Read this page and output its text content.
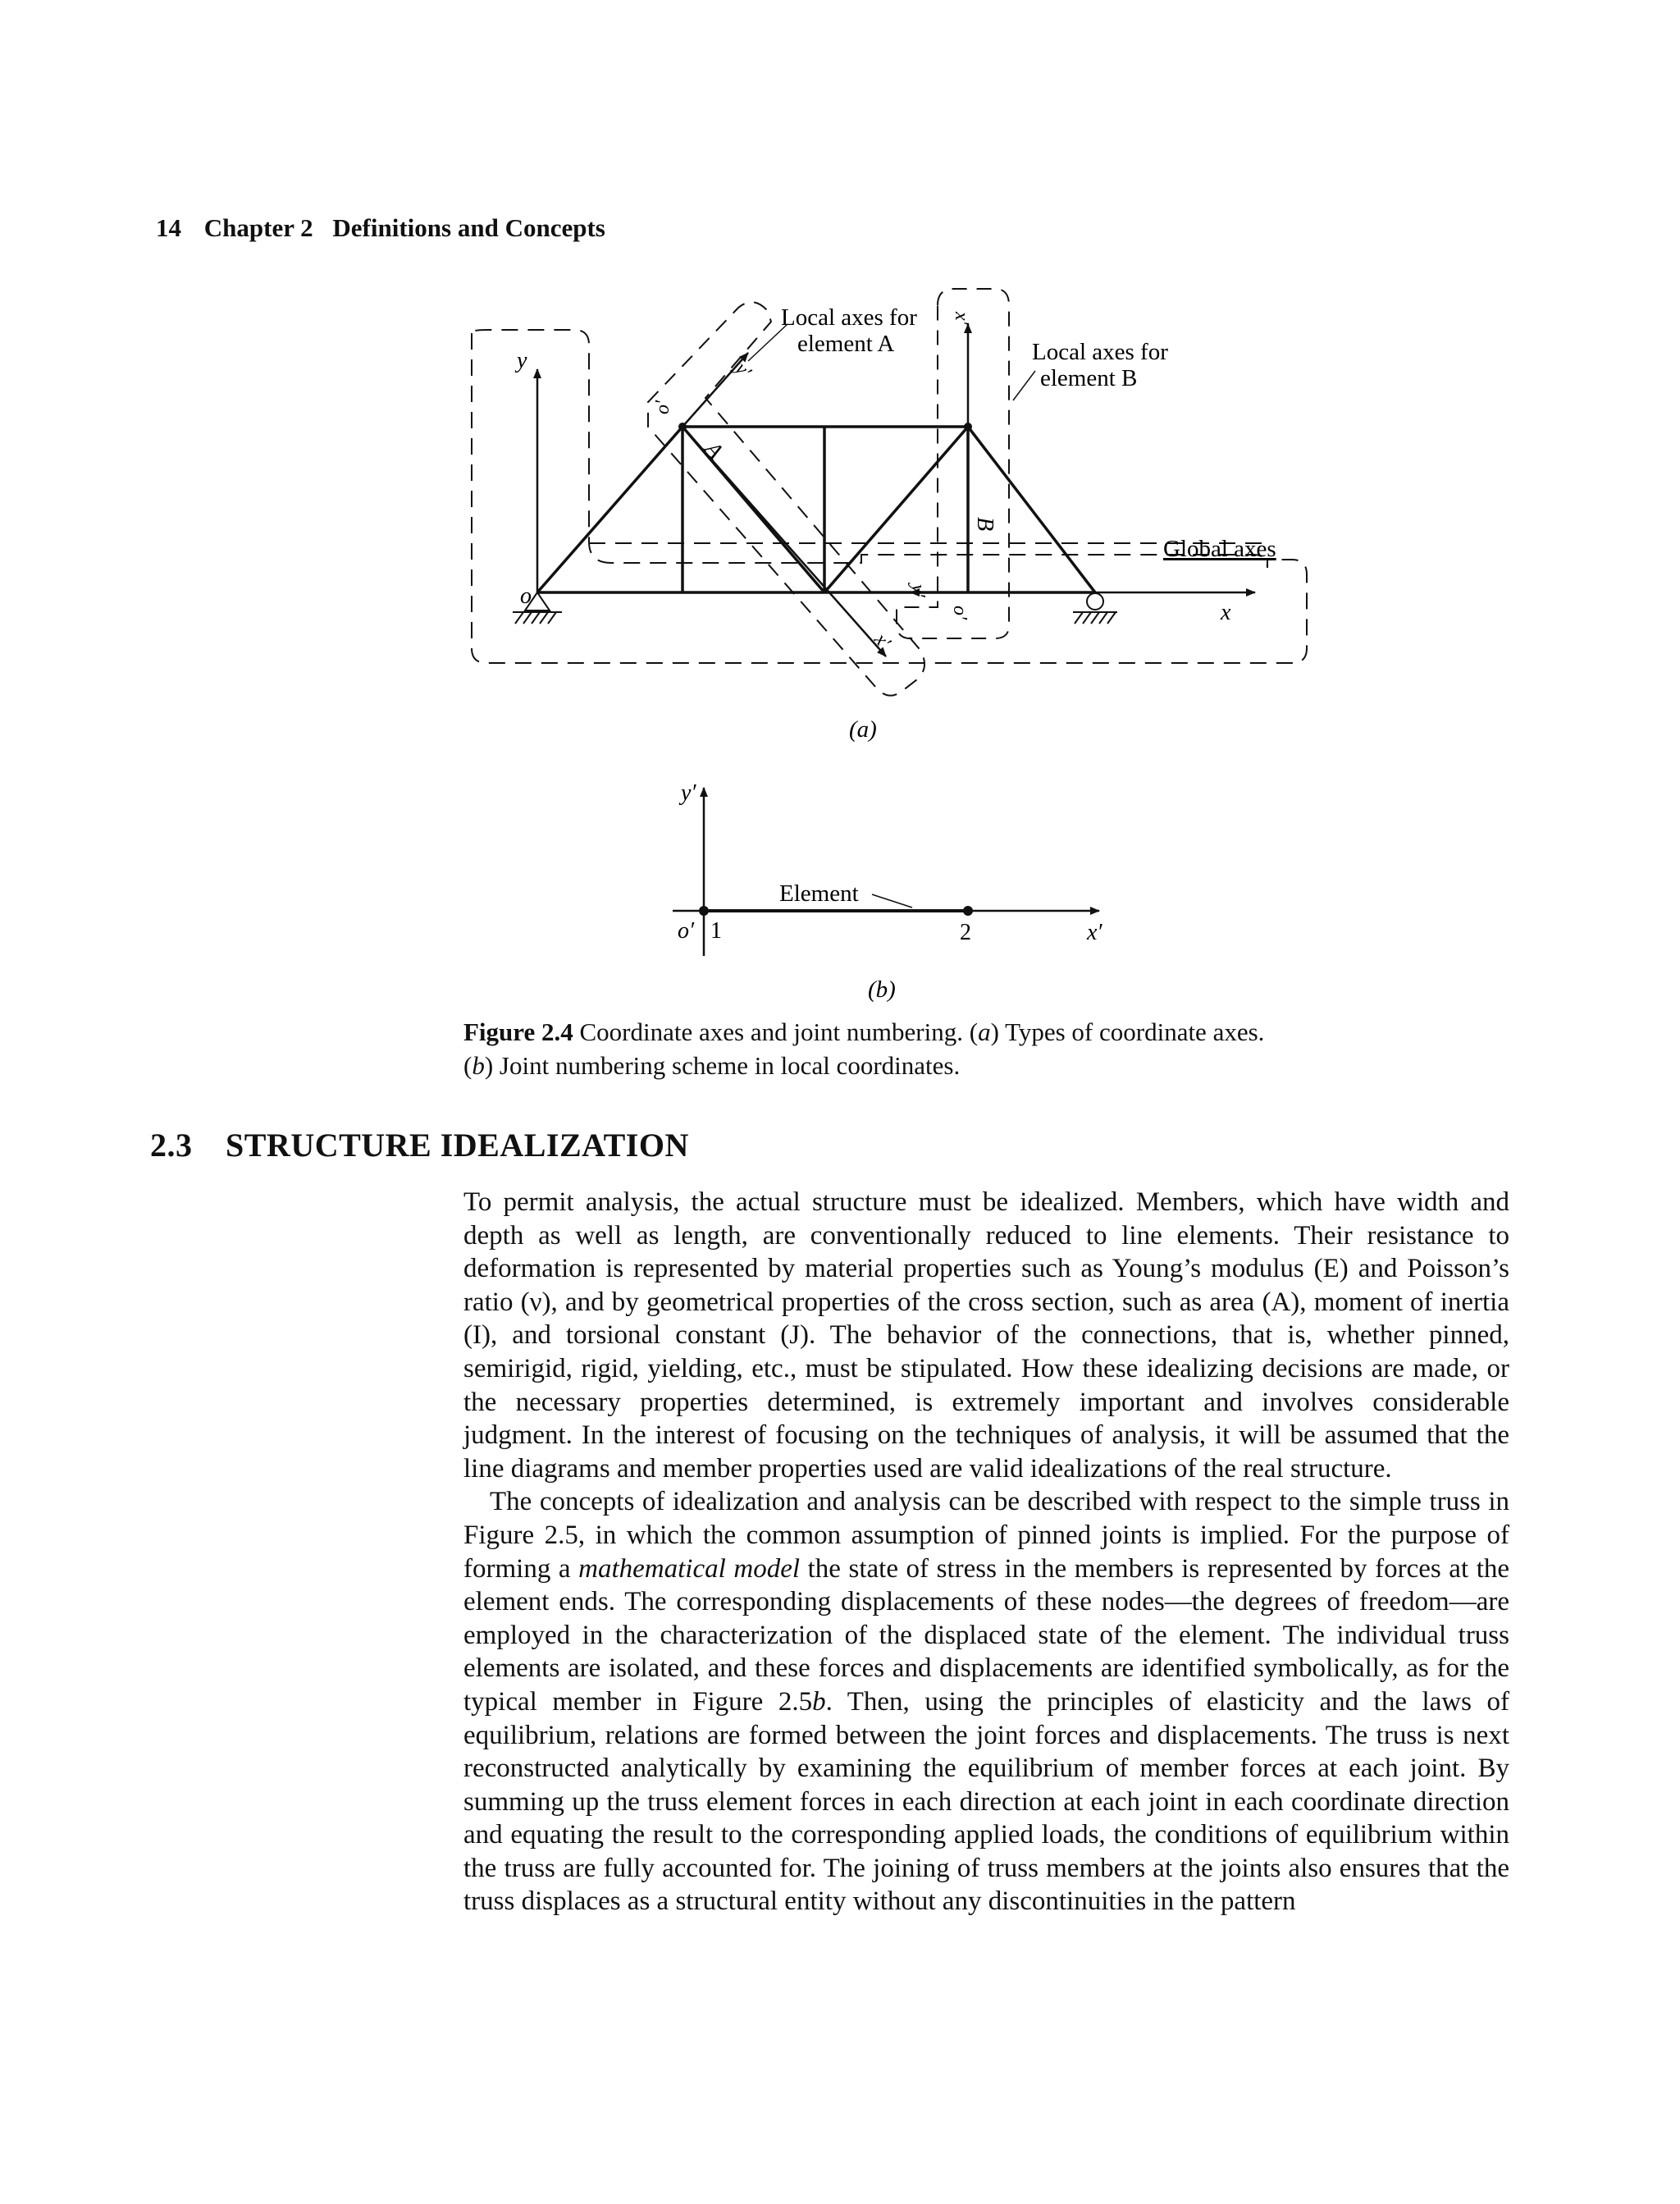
14 Chapter 2 Definitions and Concepts
y
x
o
Global axes
A
o′
y′
x′
Local axes for
element A
B
x′
y′
o′
Local axes for
element B
(a)
Element
y′
x′
o′ 1	2
(b)
Figure 2.4 Coordinate axes and joint numbering. (a) Types of coordinate axes. (b) Joint numbering scheme in local coordinates.
2.3 STRUCTURE IDEALIZATION

To permit analysis, the actual structure must be idealized. Members, which have width and depth as well as length, are conventionally reduced to line elements. Their resistance to deformation is represented by material properties such as Young’s modulus (E) and Poisson’s ratio (ν), and by geometrical properties of the cross section, such as area (A), moment of inertia (I), and torsional constant (J). The behavior of the connections, that is, whether pinned, semirigid, rigid, yielding, etc., must be stipulated. How these idealizing decisions are made, or the necessary properties determined, is extremely important and involves considerable judgment. In the interest of focusing on the techniques of analysis, it will be assumed that the line diagrams and member properties used are valid idealizations of the real structure.

The concepts of idealization and analysis can be described with respect to the simple truss in Figure 2.5, in which the common assumption of pinned joints is implied. For the purpose of forming a mathematical model the state of stress in the members is represented by forces at the element ends. The corresponding displacements of these nodes—the degrees of freedom—are employed in the characterization of the displaced state of the element. The individual truss elements are isolated, and these forces and displacements are identified symbolically, as for the typical member in Figure 2.5b. Then, using the principles of elasticity and the laws of equilibrium, relations are formed between the joint forces and displacements. The truss is next reconstructed analytically by examining the equilibrium of member forces at each joint. By summing up the truss element forces in each direction at each joint in each coordinate direction and equating the result to the corresponding applied loads, the conditions of equilibrium within the truss are fully accounted for. The joining of truss members at the joints also ensures that the truss displaces as a structural entity without any discontinuities in the pattern
